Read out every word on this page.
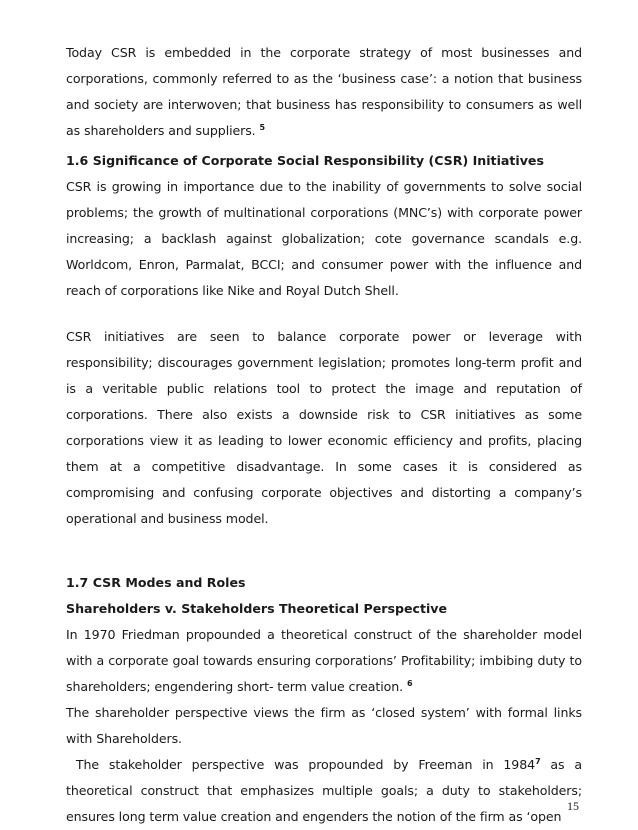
Today CSR is embedded in the corporate strategy of most businesses and corporations, commonly referred to as the ‘business case’: a notion that business and society are interwoven; that business has responsibility to consumers as well as shareholders and suppliers. $^5$

1.6 Significance of Corporate Social Responsibility (CSR) Initiatives

CSR is growing in importance due to the inability of governments to solve social problems; the growth of multinational corporations (MNC’s) with corporate power increasing; a backlash against globalization; cote governance scandals e.g. Worldcom, Enron, Parmalat, BCCI; and consumer power with the influence and reach of corporations like Nike and Royal Dutch Shell.

CSR initiatives are seen to balance corporate power or leverage with responsibility; discourages government legislation; promotes long-term profit and is a veritable public relations tool to protect the image and reputation of corporations. There also exists a downside risk to CSR initiatives as some corporations view it as leading to lower economic efficiency and profits, placing them at a competitive disadvantage. In some cases it is considered as compromising and confusing corporate objectives and distorting a company’s operational and business model.

1.7 CSR Modes and Roles

Shareholders v. Stakeholders Theoretical Perspective

In 1970 Friedman propounded a theoretical construct of the shareholder model with a corporate goal towards ensuring corporations’ Profitability; imbibing duty to shareholders; engendering short- term value creation. $^6$

The shareholder perspective views the firm as ‘closed system’ with formal links with Shareholders.

The stakeholder perspective was propounded by Freeman in 1984$^7$ as a theoretical construct that emphasizes multiple goals; a duty to stakeholders; ensures long term value creation and engenders the notion of the firm as ‘open

15
